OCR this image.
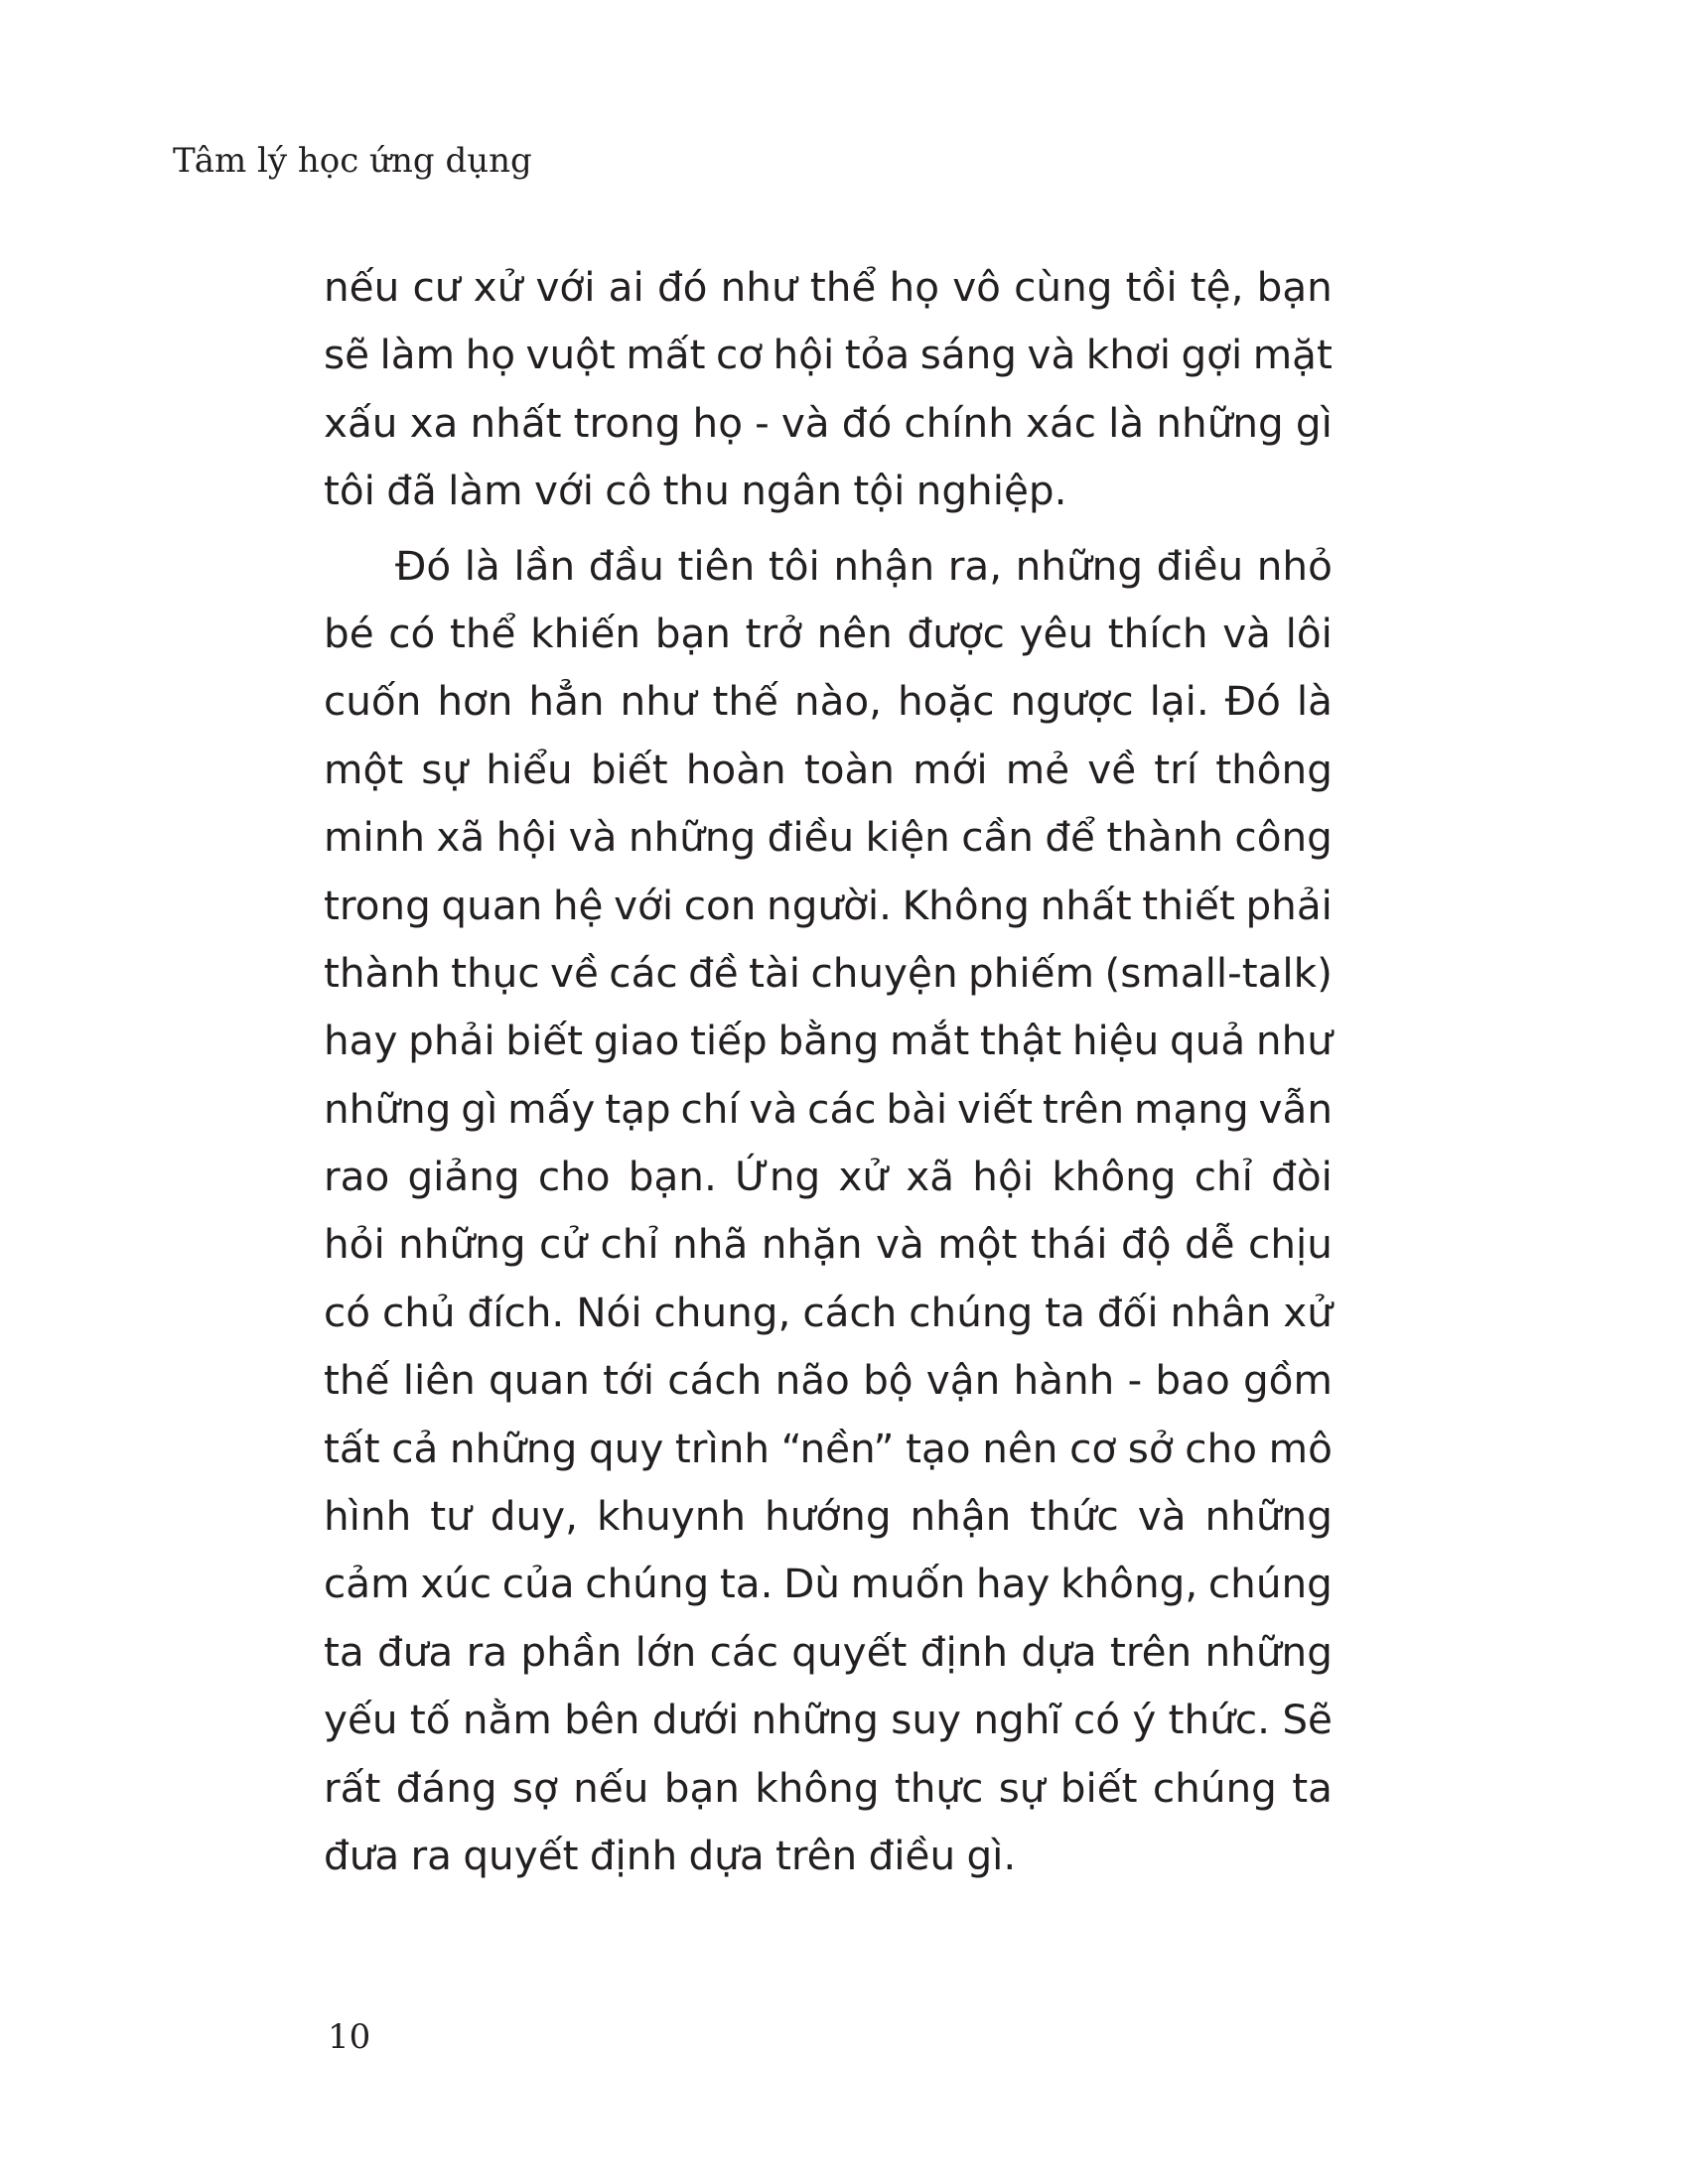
Tâm lý học ứng dụng
nếu cư xử với ai đó như thể họ vô cùng tồi tệ, bạn
sẽ làm họ vuột mất cơ hội tỏa sáng và khơi gợi mặt
xấu xa nhất trong họ - và đó chính xác là những gì
tôi đã làm với cô thu ngân tội nghiệp.
Đó là lần đầu tiên tôi nhận ra, những điều nhỏ
bé có thể khiến bạn trở nên được yêu thích và lôi
cuốn hơn hẳn như thế nào, hoặc ngược lại. Đó là
một sự hiểu biết hoàn toàn mới mẻ về trí thông
minh xã hội và những điều kiện cần để thành công
trong quan hệ với con người. Không nhất thiết phải
thành thục về các đề tài chuyện phiếm (small-talk)
hay phải biết giao tiếp bằng mắt thật hiệu quả như
những gì mấy tạp chí và các bài viết trên mạng vẫn
rao giảng cho bạn. Ứng xử xã hội không chỉ đòi
hỏi những cử chỉ nhã nhặn và một thái độ dễ chịu
có chủ đích. Nói chung, cách chúng ta đối nhân xử
thế liên quan tới cách não bộ vận hành - bao gồm
tất cả những quy trình “nền” tạo nên cơ sở cho mô
hình tư duy, khuynh hướng nhận thức và những
cảm xúc của chúng ta. Dù muốn hay không, chúng
ta đưa ra phần lớn các quyết định dựa trên những
yếu tố nằm bên dưới những suy nghĩ có ý thức. Sẽ
rất đáng sợ nếu bạn không thực sự biết chúng ta
đưa ra quyết định dựa trên điều gì.
10
